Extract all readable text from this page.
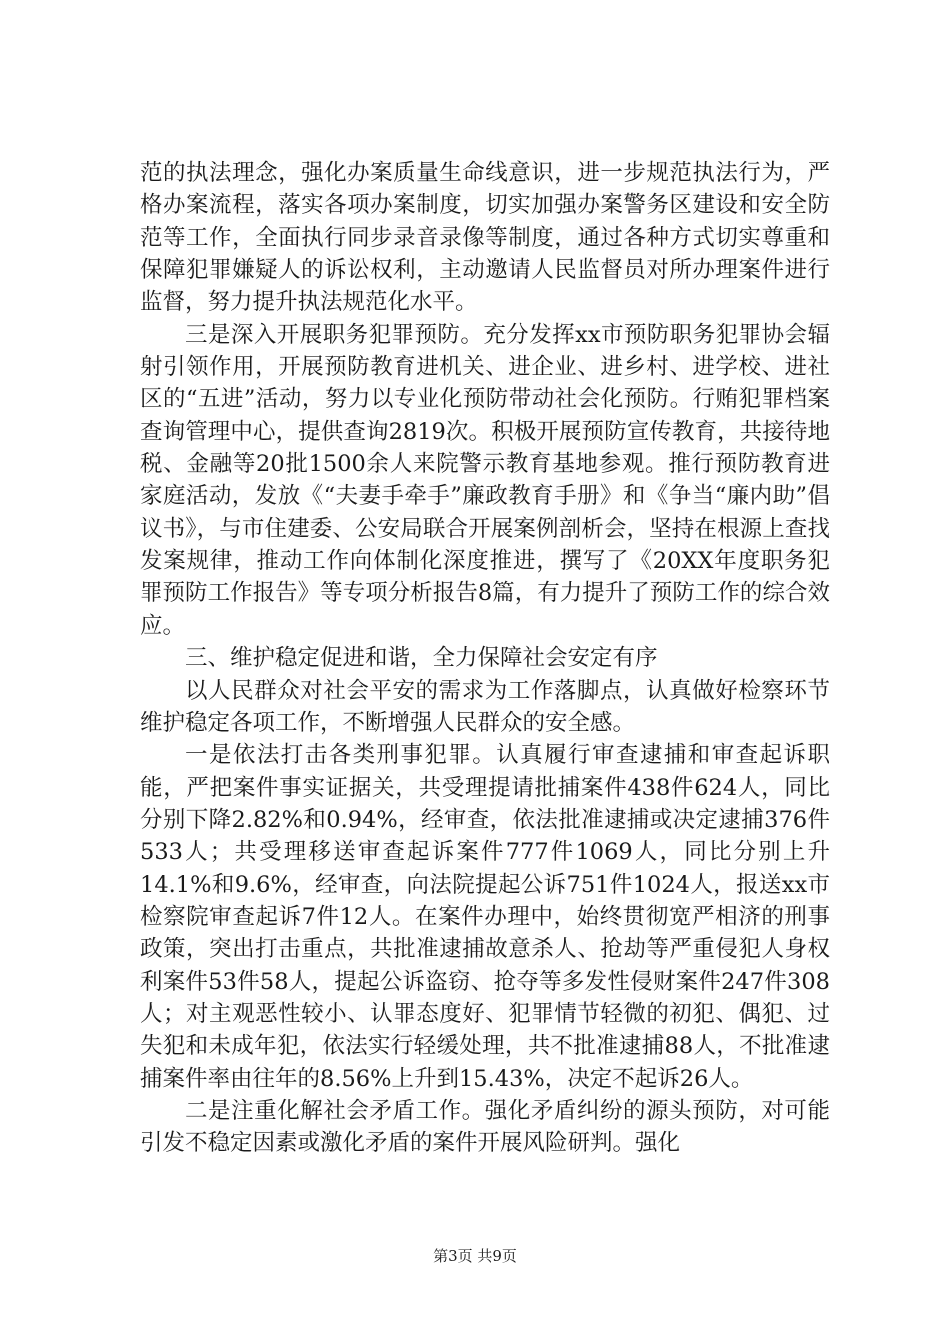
范的执法理念，强化办案质量生命线意识，进一步规范执法行为，严格办案流程，落实各项办案制度，切实加强办案警务区建设和安全防范等工作，全面执行同步录音录像等制度，通过各种方式切实尊重和保障犯罪嫌疑人的诉讼权利，主动邀请人民监督员对所办理案件进行监督，努力提升执法规范化水平。

三是深入开展职务犯罪预防。充分发挥xx市预防职务犯罪协会辐射引领作用，开展预防教育进机关、进企业、进乡村、进学校、进社区的“五进”活动，努力以专业化预防带动社会化预防。行贿犯罪档案查询管理中心，提供查询2819次。积极开展预防宣传教育，共接待地税、金融等20批1500余人来院警示教育基地参观。推行预防教育进家庭活动，发放《“夫妻手牵手”廉政教育手册》和《争当“廉内助”倡议书》，与市住建委、公安局联合开展案例剖析会，坚持在根源上查找发案规律，推动工作向体制化深度推进，撰写了《20XX年度职务犯罪预防工作报告》等专项分析报告8篇，有力提升了预防工作的综合效应。

三、维护稳定促进和谐，全力保障社会安定有序

以人民群众对社会平安的需求为工作落脚点，认真做好检察环节维护稳定各项工作，不断增强人民群众的安全感。

一是依法打击各类刑事犯罪。认真履行审查逮捕和审查起诉职能，严把案件事实证据关，共受理提请批捕案件438件624人，同比分别下降2.82%和0.94%，经审查，依法批准逮捕或决定逮捕376件533人；共受理移送审查起诉案件777件1069人，同比分别上升14.1%和9.6%，经审查，向法院提起公诉751件1024人，报送xx市检察院审查起诉7件12人。在案件办理中，始终贯彻宽严相济的刑事政策，突出打击重点，共批准逮捕故意杀人、抢劫等严重侵犯人身权利案件53件58人，提起公诉盗窃、抢夺等多发性侵财案件247件308人；对主观恶性较小、认罪态度好、犯罪情节轻微的初犯、偶犯、过失犯和未成年犯，依法实行轻缓处理，共不批准逮捕88人，不批准逮捕案件率由往年的8.56%上升到15.43%，决定不起诉26人。

二是注重化解社会矛盾工作。强化矛盾纠纷的源头预防，对可能引发不稳定因素或激化矛盾的案件开展风险研判。强化

第3页 共9页
